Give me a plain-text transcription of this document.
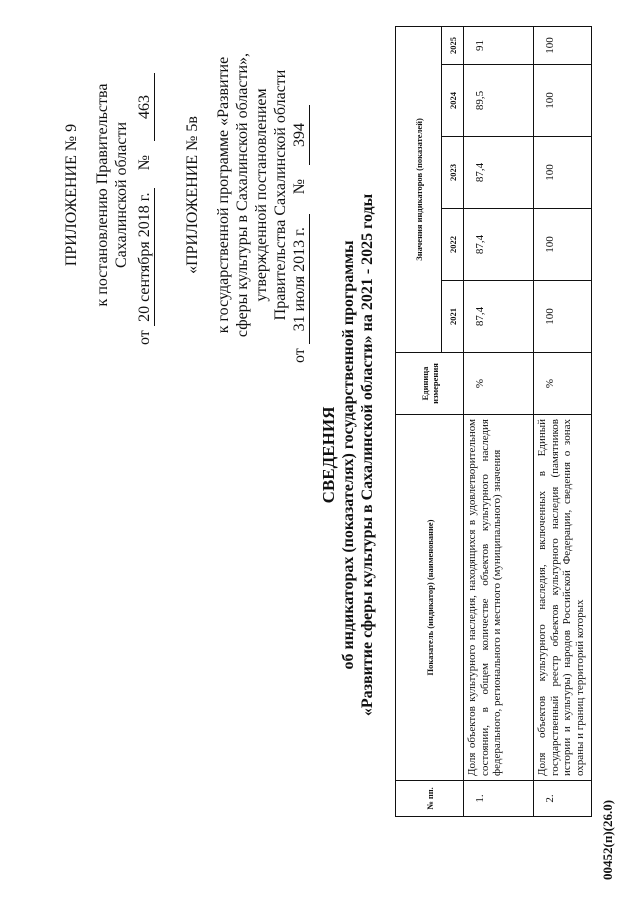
ПРИЛОЖЕНИЕ № 9 к постановлению Правительства Сахалинской области
от 20 сентября 2018 г. № 463
«ПРИЛОЖЕНИЕ № 5в к государственной программе «Развитие сферы культуры в Сахалинской области», утвержденной постановлением Правительства Сахалинской области
от 31 июля 2013 г. № 394
СВЕДЕНИЯ об индикаторах (показателях) государственной программы «Развитие сферы культуры в Сахалинской области» на 2021 - 2025 годы
№ пп.	Показатель (индикатор) (наименование)	Единица измерения	Значения индикаторов (показателей)				
			2021	2022	2023	2024	2025
1.	Доля объектов культурного наследия, находящихся в удовлетворительном состоянии, в общем количестве объектов культурного наследия федерального, регионального и местного (муниципального) значения	%	87,4	87,4	87,4	89,5	91
2.	Доля объектов культурного наследия, включенных в Единый государственный реестр объектов культурного наследия (памятников истории и культуры) народов Российской Федерации, сведения о зонах охраны и границ территорий которых	%	100	100	100	100	100
00452(п)(26.0)
